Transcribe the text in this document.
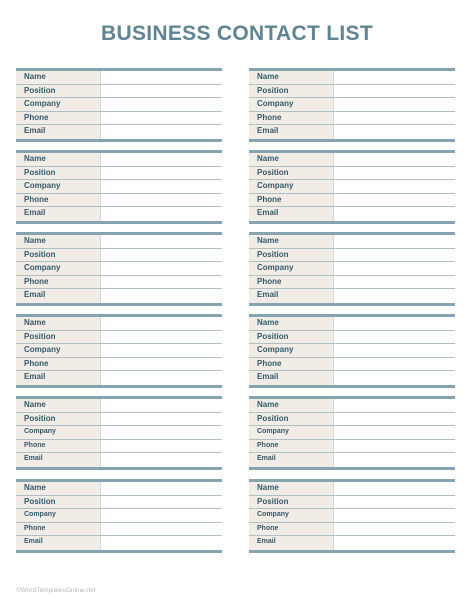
BUSINESS CONTACT LIST
Name
Position
Company
Phone
Email
Name
Position
Company
Phone
Email
Name
Position
Company
Phone
Email
Name
Position
Company
Phone
Email
Name
Position
Company
Phone
Email
Name
Position
Company
Phone
Email
Name
Position
Company
Phone
Email
Name
Position
Company
Phone
Email
Name
Position
Company
Phone
Email
Name
Position
Company
Phone
Email
Name
Position
Company
Phone
Email
Name
Position
Company
Phone
Email
©WordTemplatesOnline.net
